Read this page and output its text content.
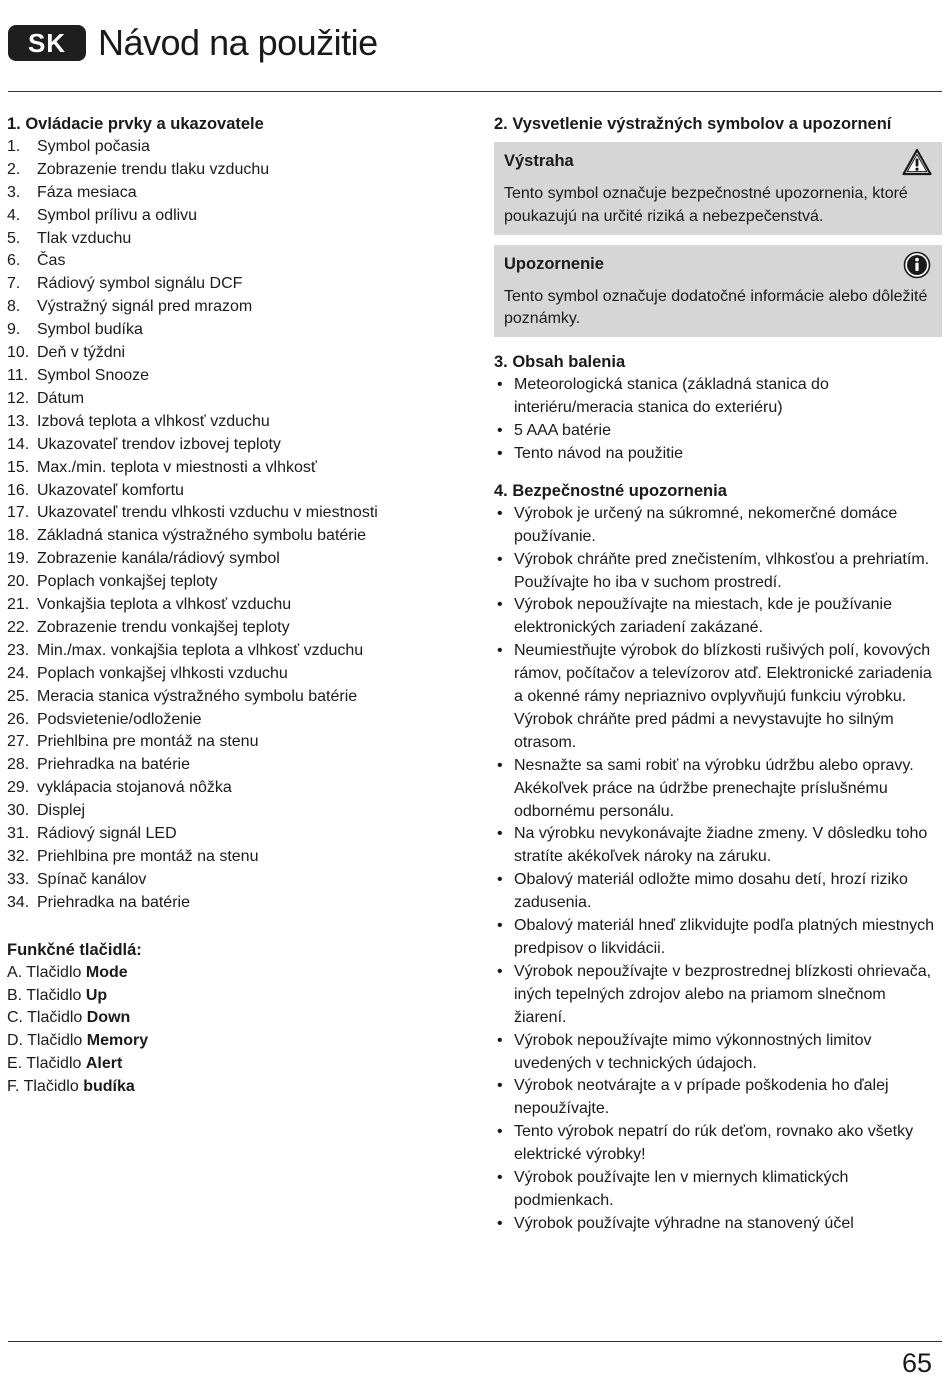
SK Návod na použitie
1. Ovládacie prvky a ukazovatele
1.	Symbol počasia
2.	Zobrazenie trendu tlaku vzduchu
3.	Fáza mesiaca
4.	Symbol prílivu a odlivu
5.	Tlak vzduchu
6.	Čas
7.	Rádiový symbol signálu DCF
8.	Výstražný signál pred mrazom
9.	Symbol budíka
10. Deň v týždni
11. Symbol Snooze
12. Dátum
13. Izbová teplota a vlhkosť vzduchu
14. Ukazovateľ trendov izbovej teploty
15. Max./min. teplota v miestnosti a vlhkosť
16. Ukazovateľ komfortu
17. Ukazovateľ trendu vlhkosti vzduchu v miestnosti
18. Základná stanica výstražného symbolu batérie
19. Zobrazenie kanála/rádiový symbol
20. Poplach vonkajšej teploty
21. Vonkajšia teplota a vlhkosť vzduchu
22. Zobrazenie trendu vonkajšej teploty
23. Min./max. vonkajšia teplota a vlhkosť vzduchu
24. Poplach vonkajšej vlhkosti vzduchu
25. Meracia stanica výstražného symbolu batérie
26. Podsvietenie/odloženie
27. Priehlbina pre montáž na stenu
28. Priehradka na batérie
29. vyklápacia stojanová nôžka
30. Displej
31. Rádiový signál LED
32. Priehlbina pre montáž na stenu
33. Spínač kanálov
34. Priehradka na batérie
Funkčné tlačidlá:
A. Tlačidlo Mode
B. Tlačidlo Up
C. Tlačidlo Down
D. Tlačidlo Memory
E. Tlačidlo Alert
F. Tlačidlo budíka
2. Vysvetlenie výstražných symbolov a upozornení
Výstraha
Tento symbol označuje bezpečnostné upozornenia, ktoré poukazujú na určité riziká a nebezpečenstvá.
Upozornenie
Tento symbol označuje dodatočné informácie alebo dôležité poznámky.
3. Obsah balenia
• Meteorologická stanica (základná stanica do interiéru/meracia stanica do exteriéru)
• 5 AAA batérie
• Tento návod na použitie
4. Bezpečnostné upozornenia
• Výrobok je určený na súkromné, nekomerčné domáce používanie.
• Výrobok chráňte pred znečistením, vlhkosťou a prehriatím. Používajte ho iba v suchom prostredí.
• Výrobok nepoužívajte na miestach, kde je používanie elektronických zariadení zakázané.
• Neumiestňujte výrobok do blízkosti rušivých polí, kovových rámov, počítačov a televízorov atď. Elektronické zariadenia a okenné rámy nepriaznivo ovplyvňujú funkciu výrobku. Výrobok chráňte pred pádmi a nevystavujte ho silným otrasom.
• Nesnažte sa sami robiť na výrobku údržbu alebo opravy. Akékoľvek práce na údržbe prenechajte príslušnému odbornému personálu.
• Na výrobku nevykonávajte žiadne zmeny. V dôsledku toho stratíte akékoľvek nároky na záruku.
• Obalový materiál odložte mimo dosahu detí, hrozí riziko zadusenia.
• Obalový materiál hneď zlikvidujte podľa platných miestnych predpisov o likvidácii.
• Výrobok nepoužívajte v bezprostrednej blízkosti ohrievača, iných tepelných zdrojov alebo na priamom slnečnom žiarení.
• Výrobok nepoužívajte mimo výkonnostných limitov uvedených v technických údajoch.
• Výrobok neotvárajte a v prípade poškodenia ho ďalej nepoužívajte.
• Tento výrobok nepatrí do rúk deťom, rovnako ako všetky elektrické výrobky!
• Výrobok používajte len v miernych klimatických podmienkach.
• Výrobok používajte výhradne na stanovený účel
65
